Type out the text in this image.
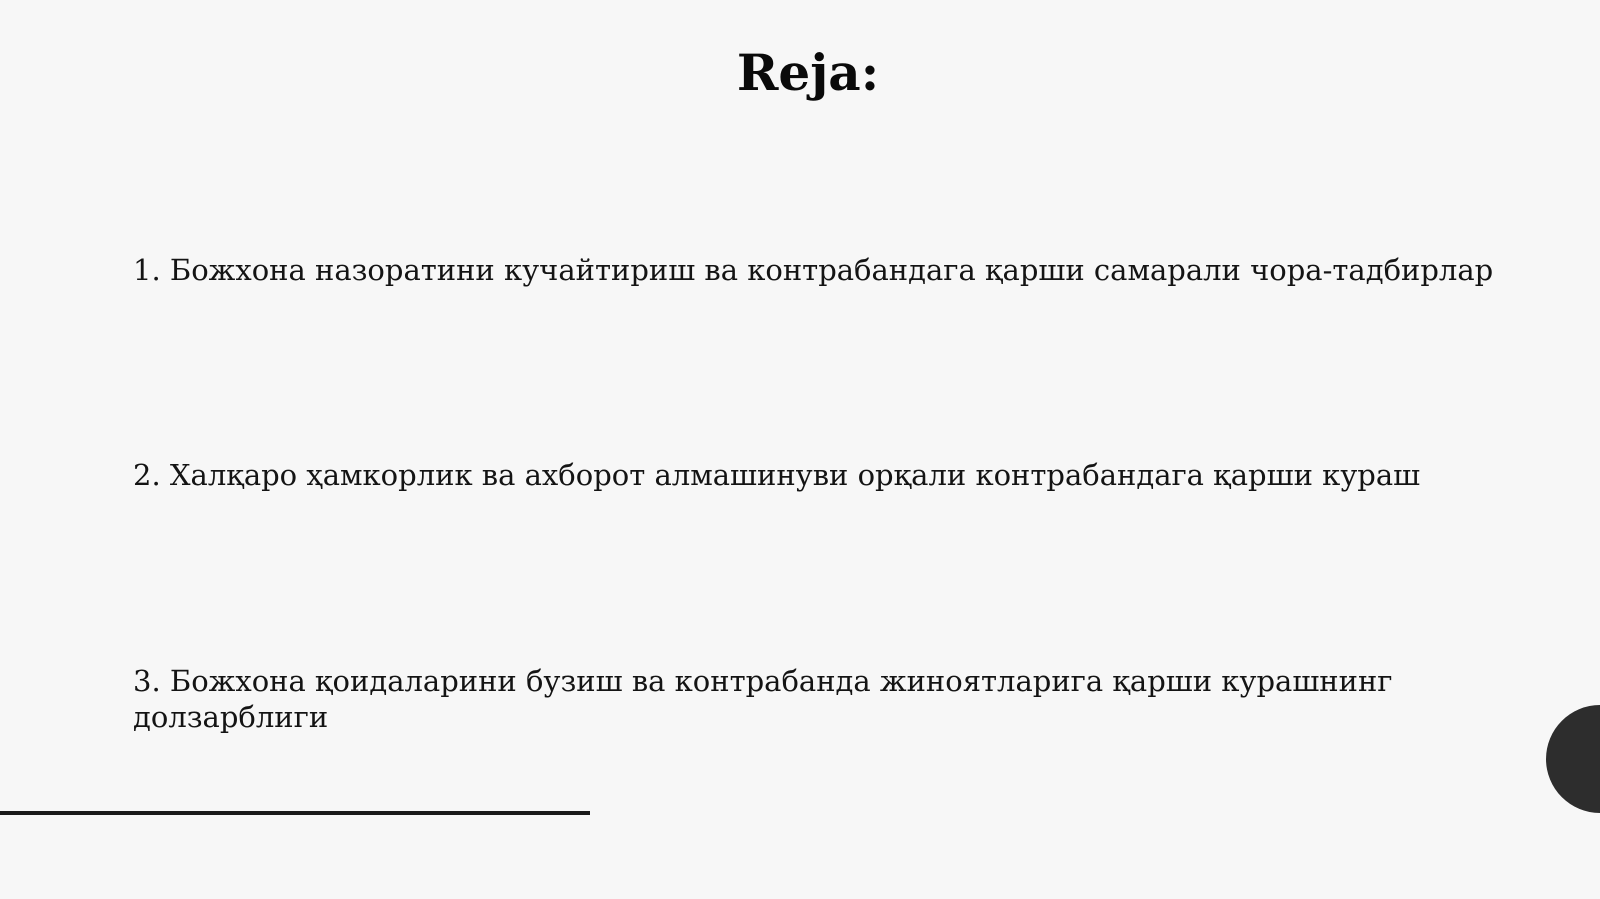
Reja:

1. Божхона назоратини кучайтириш ва контрабандага қарши самарали чора-тадбирлар

2. Халқаро ҳамкорлик ва ахборот алмашинуви орқали контрабандага қарши кураш

3. Божхона қоидаларини бузиш ва контрабанда жиноятларига қарши курашнинг долзарблиги
